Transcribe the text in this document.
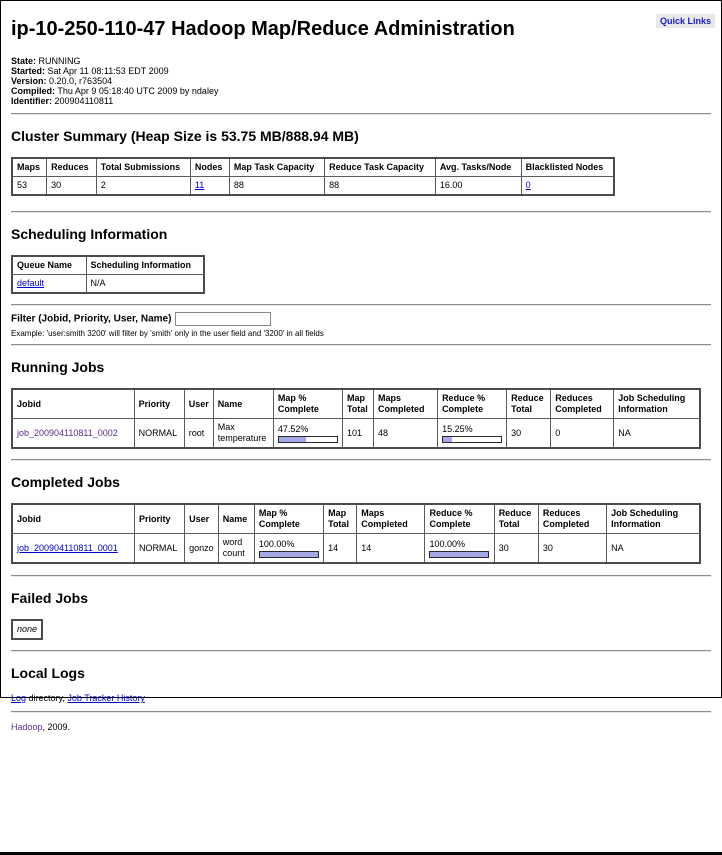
Quick Links
ip-10-250-110-47 Hadoop Map/Reduce Administration
State: RUNNING
Started: Sat Apr 11 08:11:53 EDT 2009
Version: 0.20.0, r763504
Compiled: Thu Apr 9 05:18:40 UTC 2009 by ndaley
Identifier: 200904110811
Cluster Summary (Heap Size is 53.75 MB/888.94 MB)
Maps	Reduces	Total Submissions	Nodes	Map Task Capacity	Reduce Task Capacity	Avg. Tasks/Node	Blacklisted Nodes
53	30	2	11	88	88	16.00	0
Scheduling Information
Queue Name	Scheduling Information
default	N/A
Filter (Jobid, Priority, User, Name)
Example: 'user:smith 3200' will filter by 'smith' only in the user field and '3200' in all fields
Running Jobs
Jobid	Priority	User	Name	Map % Complete	Map Total	Maps Completed	Reduce % Complete	Reduce Total	Reduces Completed	Job Scheduling Information
job_200904110811_0002	NORMAL	root	Max temperature	47.52%	101	48	15.25%	30	0	NA
Completed Jobs
Jobid	Priority	User	Name	Map % Complete	Map Total	Maps Completed	Reduce % Complete	Reduce Total	Reduces Completed	Job Scheduling Information
job_200904110811_0001	NORMAL	gonzo	word count	100.00%	14	14	100.00%	30	30	NA
Failed Jobs
none
Local Logs

Log directory, Job Tracker History

Hadoop, 2009.
